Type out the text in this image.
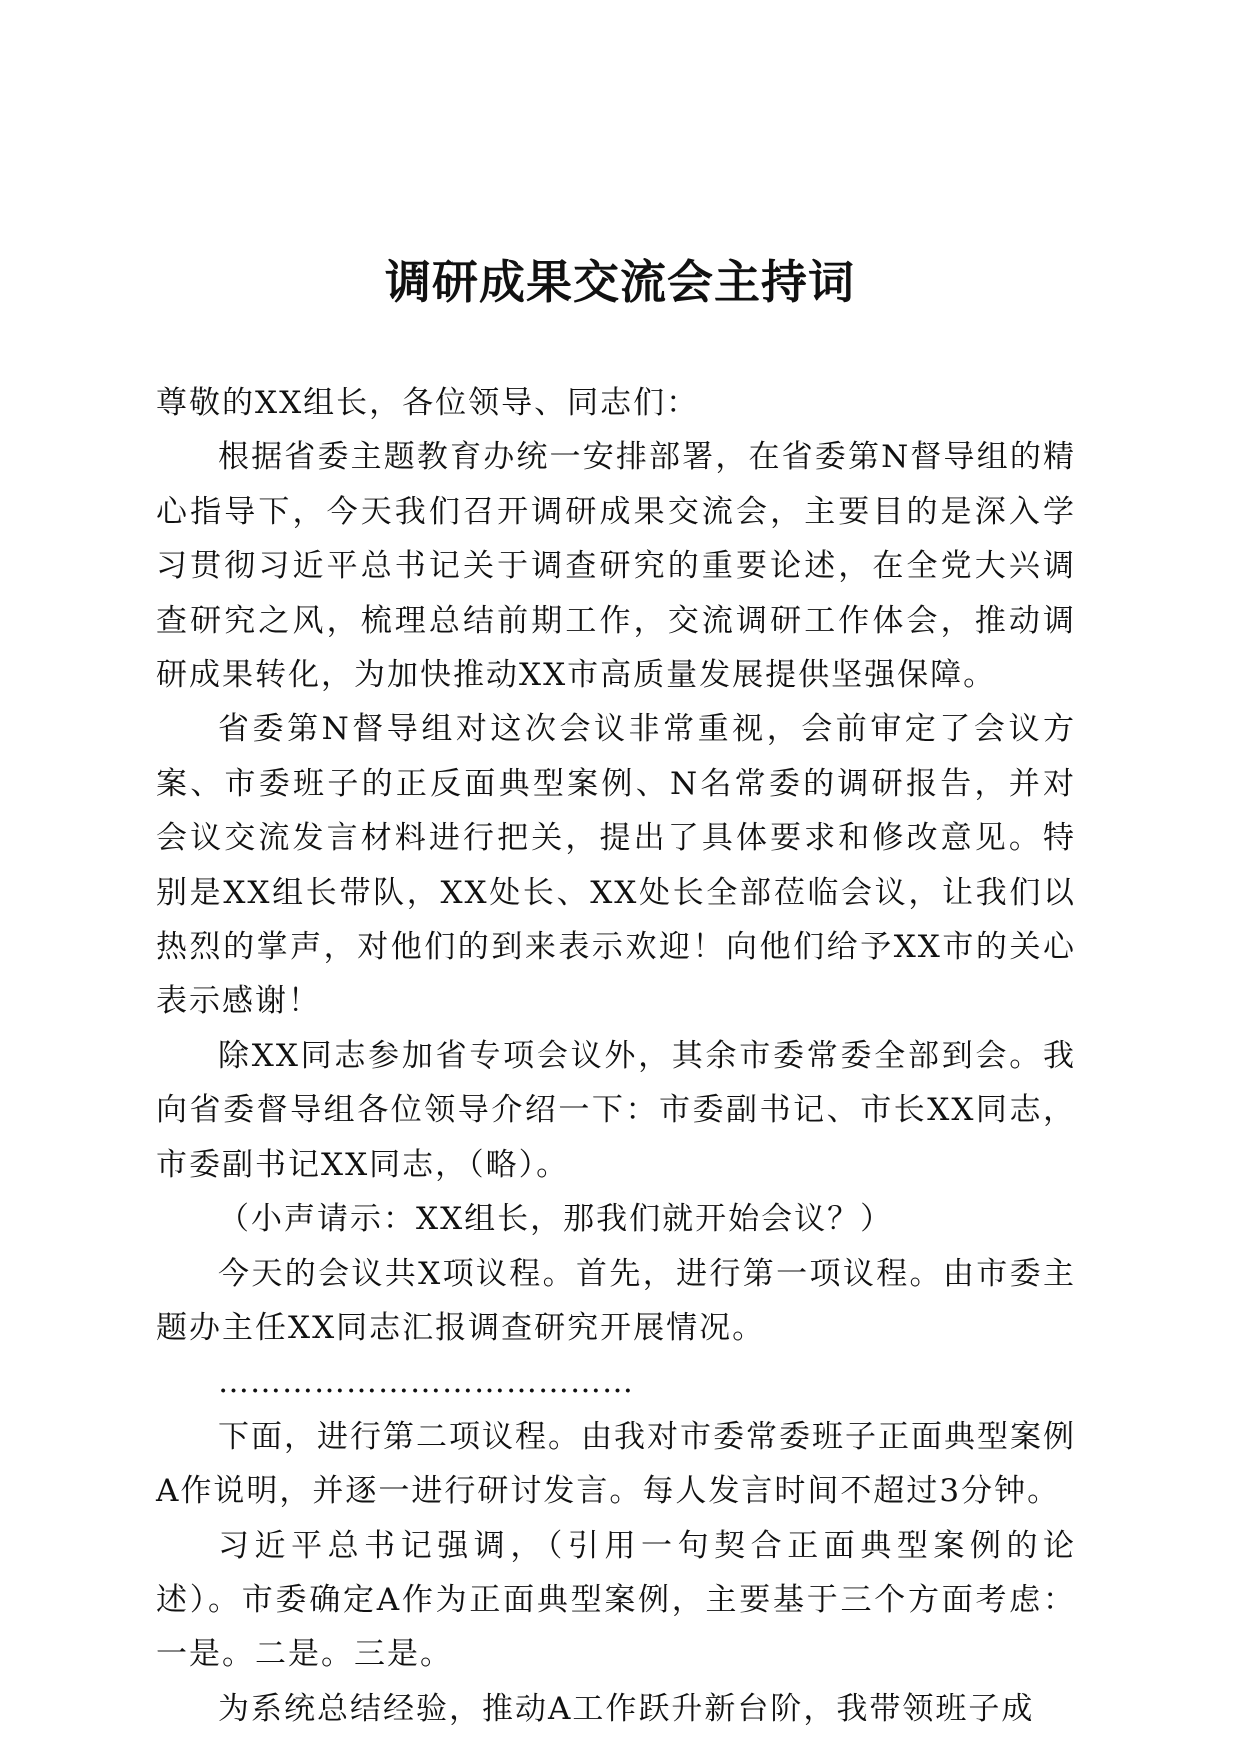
调研成果交流会主持词

尊敬的XX组长，各位领导、同志们：

根据省委主题教育办统一安排部署，在省委第N督导组的精心指导下，今天我们召开调研成果交流会，主要目的是深入学习贯彻习近平总书记关于调查研究的重要论述，在全党大兴调查研究之风，梳理总结前期工作，交流调研工作体会，推动调研成果转化，为加快推动XX市高质量发展提供坚强保障。

省委第N督导组对这次会议非常重视，会前审定了会议方案、市委班子的正反面典型案例、N名常委的调研报告，并对会议交流发言材料进行把关，提出了具体要求和修改意见。特别是XX组长带队，XX处长、XX处长全部莅临会议，让我们以热烈的掌声，对他们的到来表示欢迎！向他们给予XX市的关心表示感谢！

除XX同志参加省专项会议外，其余市委常委全部到会。我向省委督导组各位领导介绍一下：市委副书记、市长XX同志，市委副书记XX同志，（略）。

（小声请示：XX组长，那我们就开始会议？）

今天的会议共X项议程。首先，进行第一项议程。由市委主题办主任XX同志汇报调查研究开展情况。

…………………………………

下面，进行第二项议程。由我对市委常委班子正面典型案例A作说明，并逐一进行研讨发言。每人发言时间不超过3分钟。

习近平总书记强调，（引用一句契合正面典型案例的论述）。市委确定A作为正面典型案例，主要基于三个方面考虑：一是。二是。三是。

为系统总结经验，推动A工作跃升新台阶，我带领班子成
